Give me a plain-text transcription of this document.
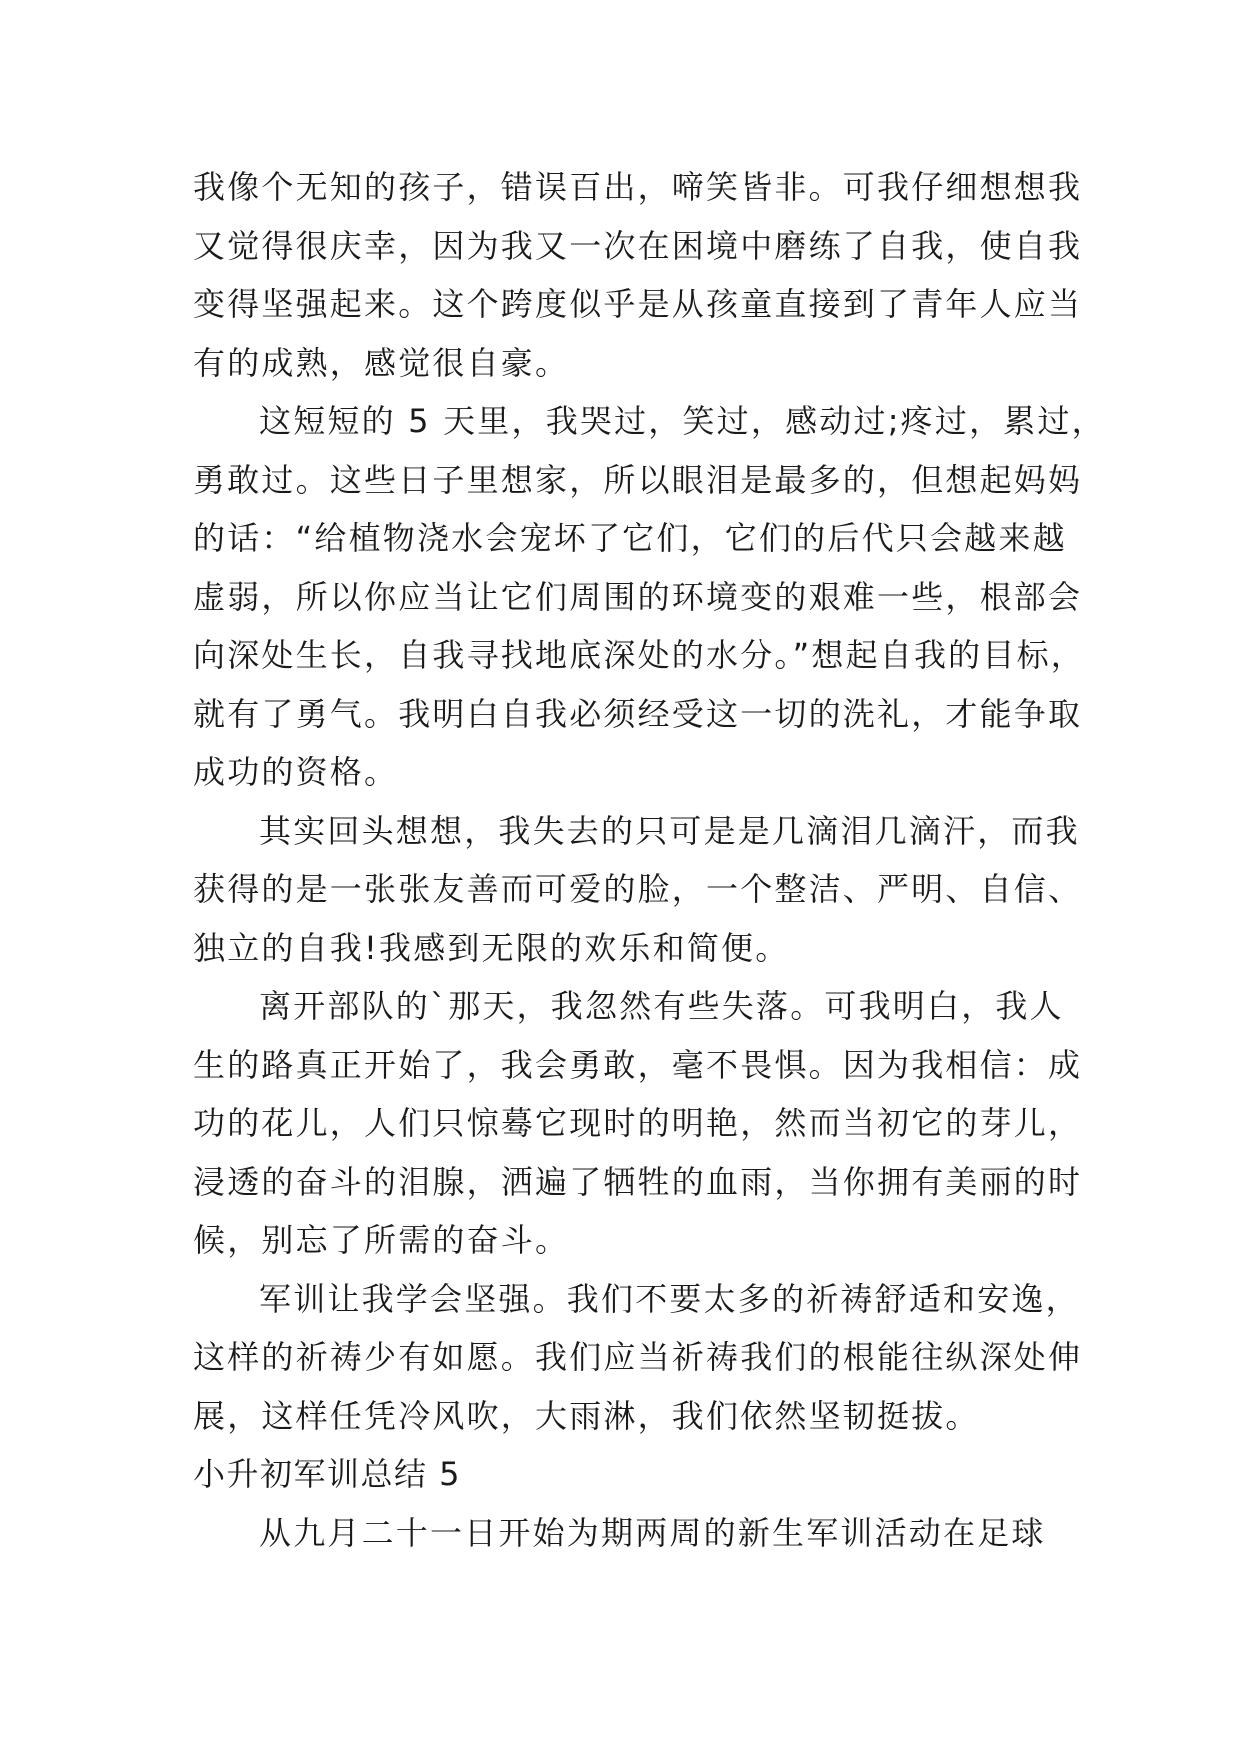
我像个无知的孩子，错误百出，啼笑皆非。可我仔细想想我
又觉得很庆幸，因为我又一次在困境中磨练了自我，使自我
变得坚强起来。这个跨度似乎是从孩童直接到了青年人应当
有的成熟，感觉很自豪。
这短短的 5 天里，我哭过，笑过，感动过;疼过，累过，
勇敢过。这些日子里想家，所以眼泪是最多的，但想起妈妈
的话：“给植物浇水会宠坏了它们，它们的后代只会越来越
虚弱，所以你应当让它们周围的环境变的艰难一些，根部会
向深处生长，自我寻找地底深处的水分。”想起自我的目标，
就有了勇气。我明白自我必须经受这一切的洗礼，才能争取
成功的资格。
其实回头想想，我失去的只可是是几滴泪几滴汗，而我
获得的是一张张友善而可爱的脸，一个整洁、严明、自信、
独立的自我!我感到无限的欢乐和简便。
离开部队的`那天，我忽然有些失落。可我明白，我人
生的路真正开始了，我会勇敢，毫不畏惧。因为我相信：成
功的花儿，人们只惊蓦它现时的明艳，然而当初它的芽儿，
浸透的奋斗的泪腺，洒遍了牺牲的血雨，当你拥有美丽的时
候，别忘了所需的奋斗。
军训让我学会坚强。我们不要太多的祈祷舒适和安逸，
这样的祈祷少有如愿。我们应当祈祷我们的根能往纵深处伸
展，这样任凭冷风吹，大雨淋，我们依然坚韧挺拔。
小升初军训总结 5
从九月二十一日开始为期两周的新生军训活动在足球
